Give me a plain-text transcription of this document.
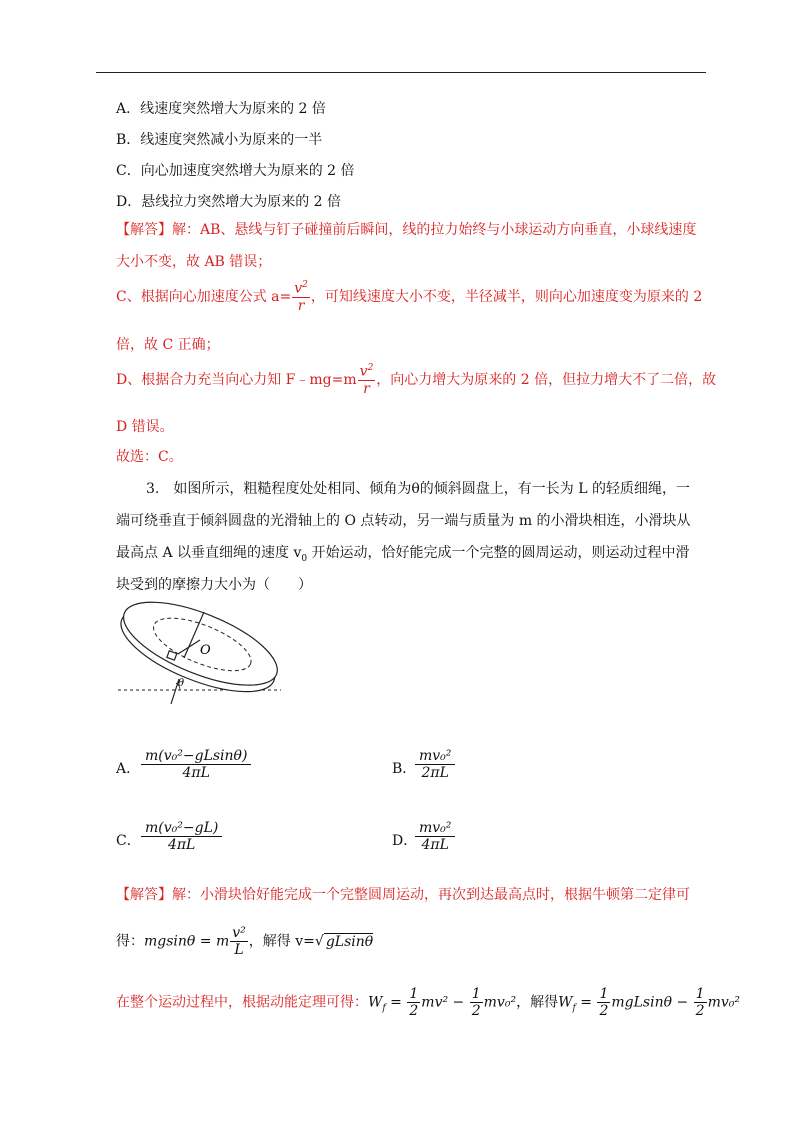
A．线速度突然增大为原来的 2 倍
B．线速度突然减小为原来的一半
C．向心加速度突然增大为原来的 2 倍
D．悬线拉力突然增大为原来的 2 倍
【解答】解：AB、悬线与钉子碰撞前后瞬间，线的拉力始终与小球运动方向垂直，小球线速度
大小不变，故 AB 错误；
C、根据向心加速度公式 $a= \frac{v^2}{r}$ ，可知线速度大小不变，半径减半，则向心加速度变为原来的 2
倍，故 C 正确；
D、根据合力充当向心力知 F﹣mg=m $\frac{v^2}{r}$ ，向心力增大为原来的 2 倍，但拉力增大不了二倍，故
D 错误。
故选：C。
3.　如图所示，粗糙程度处处相同、倾角为θ的倾斜圆盘上，有一长为 L 的轻质细绳，一
端可绕垂直于倾斜圆盘的光滑轴上的 O 点转动，另一端与质量为 m 的小滑块相连，小滑块从
最高点 A 以垂直细绳的速度 $v_0$ 开始运动，恰好能完成一个完整的圆周运动，则运动过程中滑
块受到的摩擦力大小为（　　）
O
θ
A． $\frac{\text{m(v₀²−gLsinθ)}}{4\pi L}$	B．
$\frac{\text{mv₀²}}{2\pi L}$
C． $\frac{\text{m(v₀²−gL)}}{4\pi L}$	D．
$\frac{\text{mv₀²}}{4\pi L}$
【解答】解：小滑块恰好能完成一个完整圆周运动，再次到达最高点时，根据牛顿第二定律可
得：mgsinθ = m $\frac{\text{v²}}{L}$ ，解得 v=√ gLsinθ
在整个运动过程中，根据动能定理可得：$W_f = \frac{1}{2} mv^2 - \frac{1}{2} mv_0^2$，解得$W_f = \frac{1}{2}$ $mgLsin\theta - \frac{1}{2} mv_0^2$
